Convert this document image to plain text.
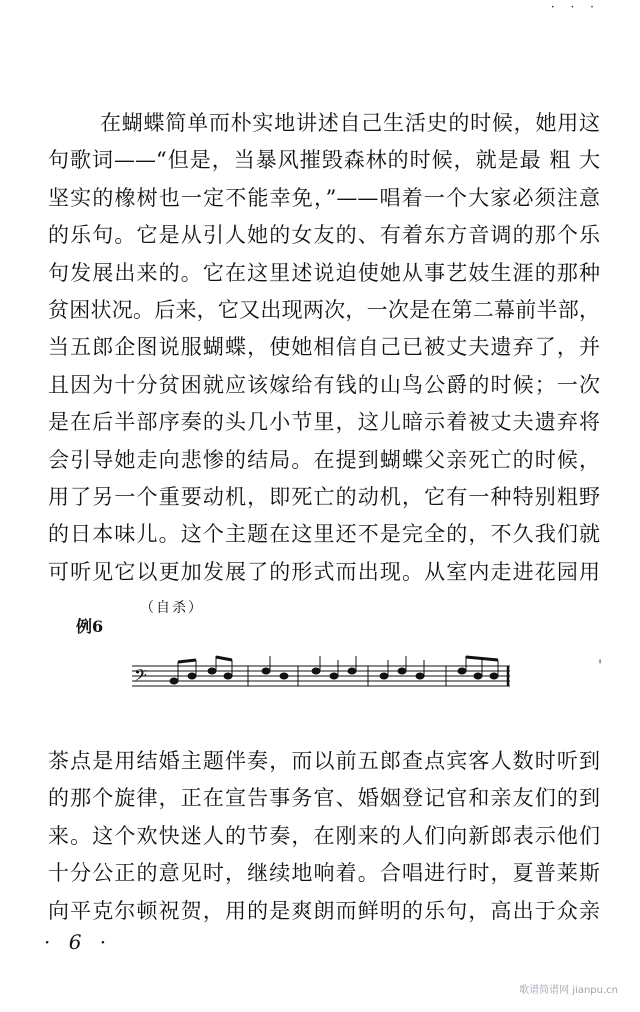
· · ·
在蝴蝶简单而朴实地讲述自己生活史的时候，她用这
句歌词——“但是，当暴风摧毁森林的时候，就是最 粗 大
坚实的橡树也一定不能幸免，”——唱着一个大家必须注意
的乐句。它是从引人她的女友的、有着东方音调的那个乐
句发展出来的。它在这里述说迫使她从事艺妓生涯的那种
贫困状况。后来，它又出现两次，一次是在第二幕前半部，
当五郎企图说服蝴蝶，使她相信自己已被丈夫遗弃了，并
且因为十分贫困就应该嫁给有钱的山鸟公爵的时候；一次
是在后半部序奏的头几小节里，这儿暗示着被丈夫遗弃将
会引导她走向悲惨的结局。在提到蝴蝶父亲死亡的时候，
用了另一个重要动机，即死亡的动机，它有一种特别粗野
的日本味儿。这个主题在这里还不是完全的，不久我们就
可听见它以更加发展了的形式而出现。从室内走进花园用
（自杀）
例6
𝄢	'
茶点是用结婚主题伴奏，而以前五郎查点宾客人数时听到
的那个旋律，正在宣告事务官、婚姻登记官和亲友们的到
来。这个欢快迷人的节奏，在刚来的人们向新郎表示他们
十分公正的意见时，继续地响着。合唱进行时，夏普莱斯
向平克尔顿祝贺，用的是爽朗而鲜明的乐句，高出于众亲
· 6 ·
歌谱简谱网 jianpu.cn
